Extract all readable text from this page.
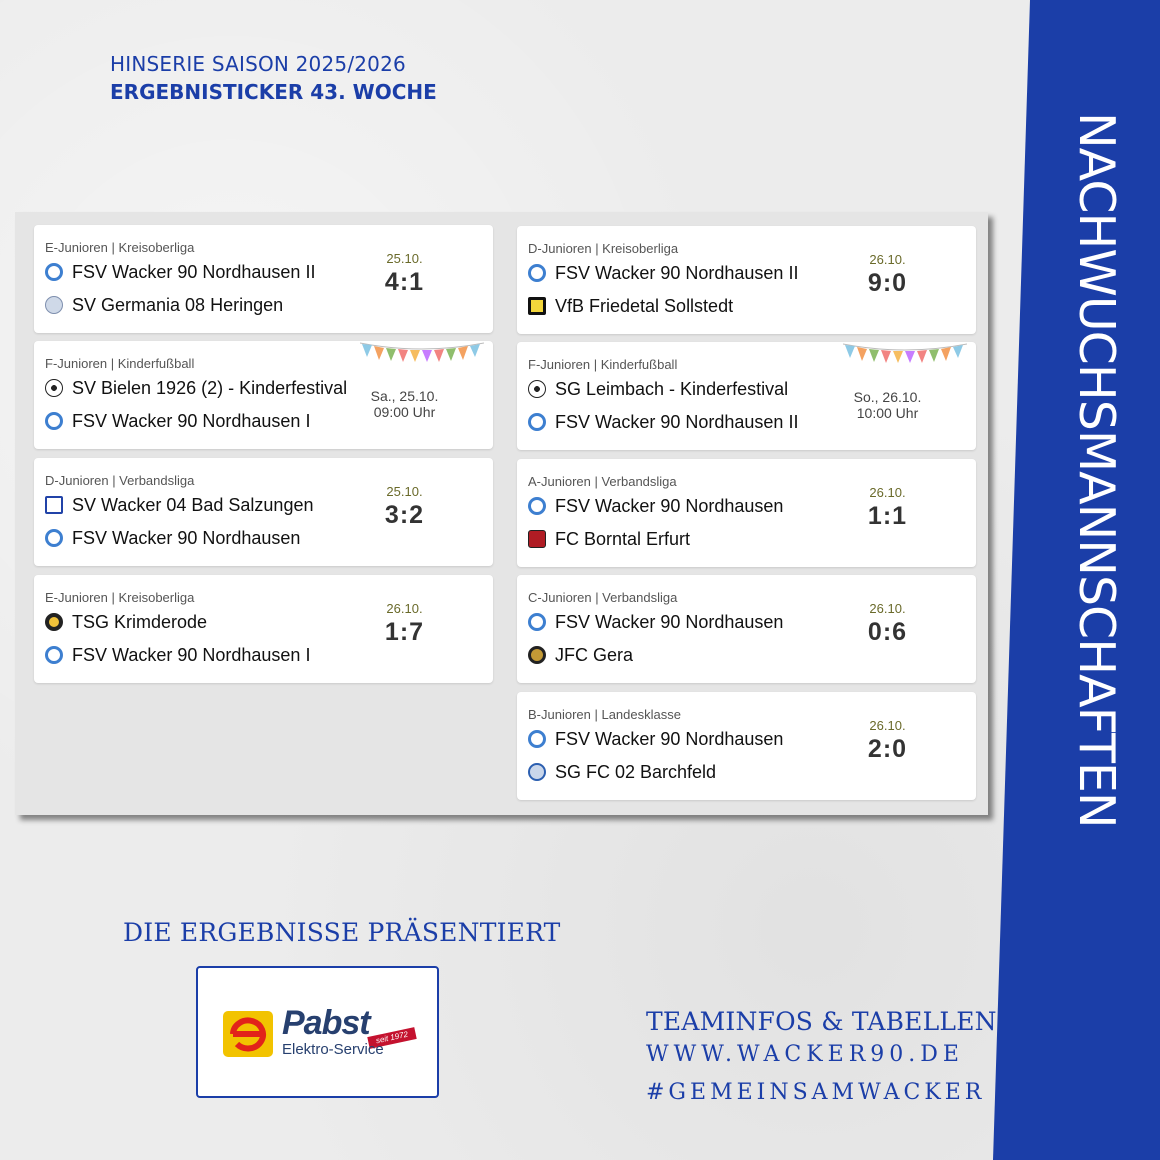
NACHWUCHSMANNSCHAFTEN
HINSERIE SAISON 2025/2026
ERGEBNISTICKER 43. WOCHE
E-Junioren | Kreisoberliga
FSV Wacker 90 Nordhausen II
SV Germania 08 Heringen
25.10.
4:1
F-Junioren | Kinderfußball
SV Bielen 1926 (2) - Kinderfestival
FSV Wacker 90 Nordhausen I
Sa., 25.10.
09:00 Uhr
D-Junioren | Verbandsliga
SV Wacker 04 Bad Salzungen
FSV Wacker 90 Nordhausen
25.10.
3:2
E-Junioren | Kreisoberliga
TSG Krimderode
FSV Wacker 90 Nordhausen I
26.10.
1:7
D-Junioren | Kreisoberliga
FSV Wacker 90 Nordhausen II
VfB Friedetal Sollstedt
26.10.
9:0
F-Junioren | Kinderfußball
SG Leimbach - Kinderfestival
FSV Wacker 90 Nordhausen II
So., 26.10.
10:00 Uhr
A-Junioren | Verbandsliga
FSV Wacker 90 Nordhausen
FC Borntal Erfurt
26.10.
1:1
C-Junioren | Verbandsliga
FSV Wacker 90 Nordhausen
JFC Gera
26.10.
0:6
B-Junioren | Landesklasse
FSV Wacker 90 Nordhausen
SG FC 02 Barchfeld
26.10.
2:0
DIE ERGEBNISSE PRÄSENTIERT
Pabst seit 1972
Elektro-Service
TEAMINFOS & TABELLEN
WWW.WACKER90.DE
#GEMEINSAMWACKER
